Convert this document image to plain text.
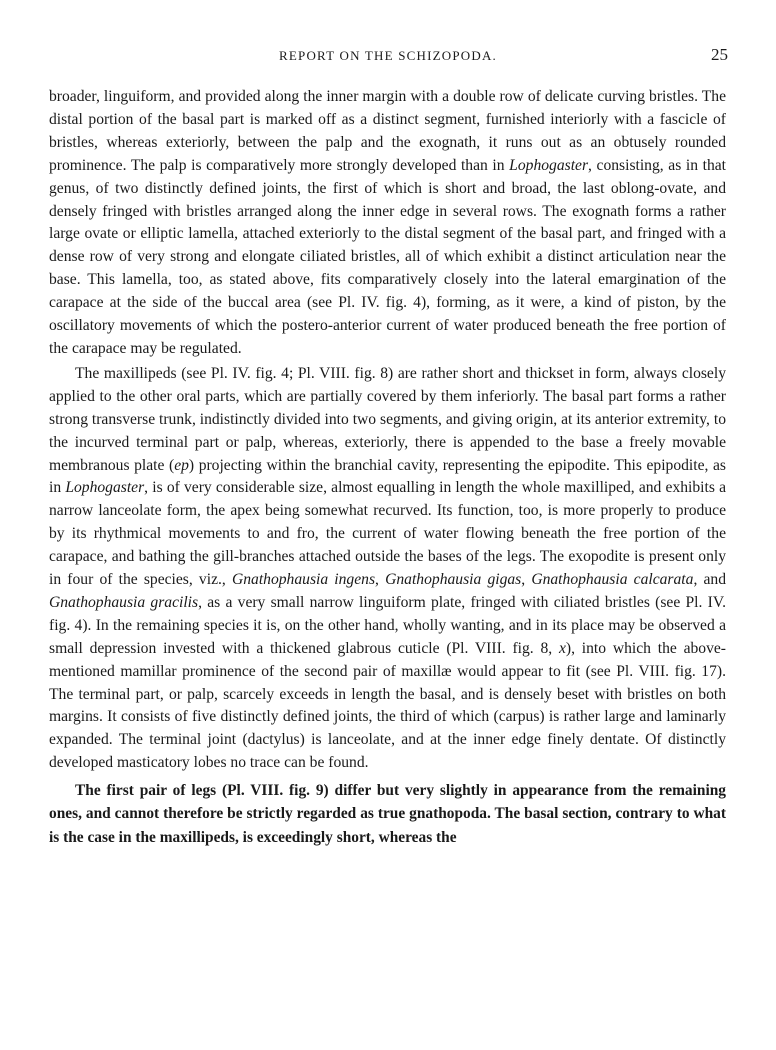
REPORT ON THE SCHIZOPODA.	25

broader, linguiform, and provided along the inner margin with a double row of delicate curving bristles. The distal portion of the basal part is marked off as a distinct segment, furnished interiorly with a fascicle of bristles, whereas exteriorly, between the palp and the exognath, it runs out as an obtusely rounded prominence. The palp is comparatively more strongly developed than in Lophogaster, consisting, as in that genus, of two distinctly defined joints, the first of which is short and broad, the last oblong-ovate, and densely fringed with bristles arranged along the inner edge in several rows. The exognath forms a rather large ovate or elliptic lamella, attached exteriorly to the distal segment of the basal part, and fringed with a dense row of very strong and elongate ciliated bristles, all of which exhibit a distinct articulation near the base. This lamella, too, as stated above, fits comparatively closely into the lateral emargination of the carapace at the side of the buccal area (see Pl. IV. fig. 4), forming, as it were, a kind of piston, by the oscillatory movements of which the postero-anterior current of water produced beneath the free portion of the carapace may be regulated.

The maxillipeds (see Pl. IV. fig. 4; Pl. VIII. fig. 8) are rather short and thickset in form, always closely applied to the other oral parts, which are partially covered by them inferiorly. The basal part forms a rather strong transverse trunk, indistinctly divided into two segments, and giving origin, at its anterior extremity, to the incurved terminal part or palp, whereas, exteriorly, there is appended to the base a freely movable membranous plate (ep) projecting within the branchial cavity, representing the epipodite. This epipodite, as in Lophogaster, is of very considerable size, almost equalling in length the whole maxilliped, and exhibits a narrow lanceolate form, the apex being somewhat recurved. Its function, too, is more properly to produce by its rhythmical movements to and fro, the current of water flowing beneath the free portion of the carapace, and bathing the gill-branches attached outside the bases of the legs. The exopodite is present only in four of the species, viz., Gnathophausia ingens, Gnathophausia gigas, Gnathophausia calcarata, and Gnathophausia gracilis, as a very small narrow linguiform plate, fringed with ciliated bristles (see Pl. IV. fig. 4). In the remaining species it is, on the other hand, wholly wanting, and in its place may be observed a small depression invested with a thickened glabrous cuticle (Pl. VIII. fig. 8, x), into which the above-mentioned mamillar prominence of the second pair of maxillæ would appear to fit (see Pl. VIII. fig. 17). The terminal part, or palp, scarcely exceeds in length the basal, and is densely beset with bristles on both margins. It consists of five distinctly defined joints, the third of which (carpus) is rather large and laminarly expanded. The terminal joint (dactylus) is lanceolate, and at the inner edge finely dentate. Of distinctly developed masticatory lobes no trace can be found.

The first pair of legs (Pl. VIII. fig. 9) differ but very slightly in appearance from the remaining ones, and cannot therefore be strictly regarded as true gnathopoda. The basal section, contrary to what is the case in the maxillipeds, is exceedingly short, whereas the
